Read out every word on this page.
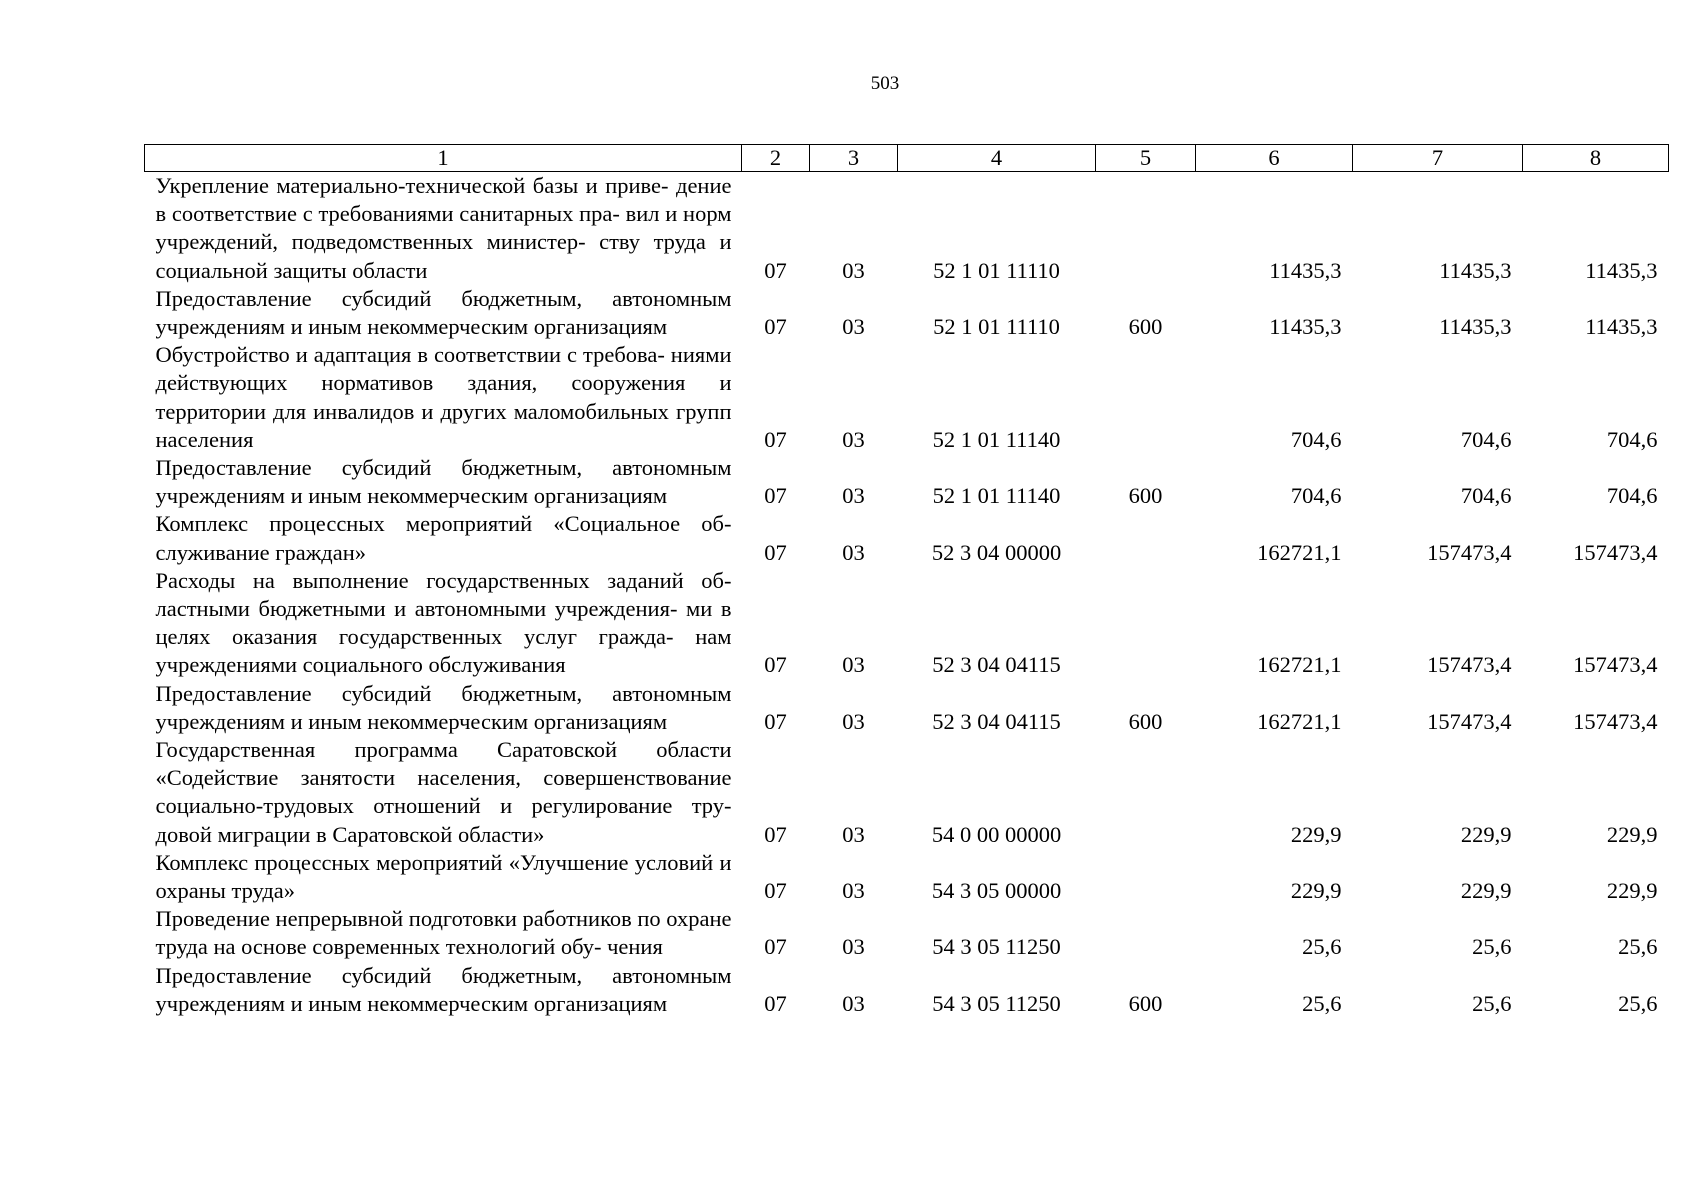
503
1	2	3	4	5	6	7	8
Укрепление материально-технической базы и приве- дение в соответствие с требованиями санитарных пра- вил и норм учреждений, подведомственных министер- ству труда и социальной защиты области	07	03	52 1 01 11110		11435,3	11435,3	11435,3
Предоставление субсидий бюджетным, автономным учреждениям и иным некоммерческим организациям	07	03	52 1 01 11110	600	11435,3	11435,3	11435,3
Обустройство и адаптация в соответствии с требова- ниями действующих нормативов здания, сооружения и территории для инвалидов и других маломобильных групп населения	07	03	52 1 01 11140		704,6	704,6	704,6
Предоставление субсидий бюджетным, автономным учреждениям и иным некоммерческим организациям	07	03	52 1 01 11140	600	704,6	704,6	704,6
Комплекс процессных мероприятий «Социальное об- служивание граждан»	07	03	52 3 04 00000		162721,1	157473,4	157473,4
Расходы на выполнение государственных заданий об- ластными бюджетными и автономными учреждения- ми в целях оказания государственных услуг гражда- нам учреждениями социального обслуживания	07	03	52 3 04 04115		162721,1	157473,4	157473,4
Предоставление субсидий бюджетным, автономным учреждениям и иным некоммерческим организациям	07	03	52 3 04 04115	600	162721,1	157473,4	157473,4
Государственная программа Саратовской области «Содействие занятости населения, совершенствование социально-трудовых отношений и регулирование тру- довой миграции в Саратовской области»	07	03	54 0 00 00000		229,9	229,9	229,9
Комплекс процессных мероприятий «Улучшение условий и охраны труда»	07	03	54 3 05 00000		229,9	229,9	229,9
Проведение непрерывной подготовки работников по охране труда на основе современных технологий обу- чения	07	03	54 3 05 11250		25,6	25,6	25,6
Предоставление субсидий бюджетным, автономным учреждениям и иным некоммерческим организациям	07	03	54 3 05 11250	600	25,6	25,6	25,6
